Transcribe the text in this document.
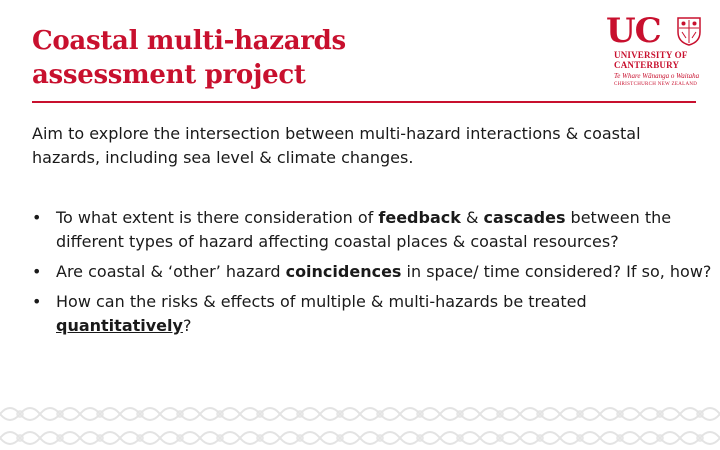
Coastal multi-hazards
assessment project
UC
UNIVERSITY OF
CANTERBURY
Te Whare Wānanga o Waitaha
CHRISTCHURCH NEW ZEALAND

Aim to explore the intersection between multi-hazard interactions & coastal hazards, including sea level & climate changes.

• To what extent is there consideration of feedback & cascades between the different types of hazard affecting coastal places & coastal resources?
• Are coastal & ‘other’ hazard coincidences in space/ time considered? If so, how?
• How can the risks & effects of multiple & multi-hazards be treated quantitatively?
